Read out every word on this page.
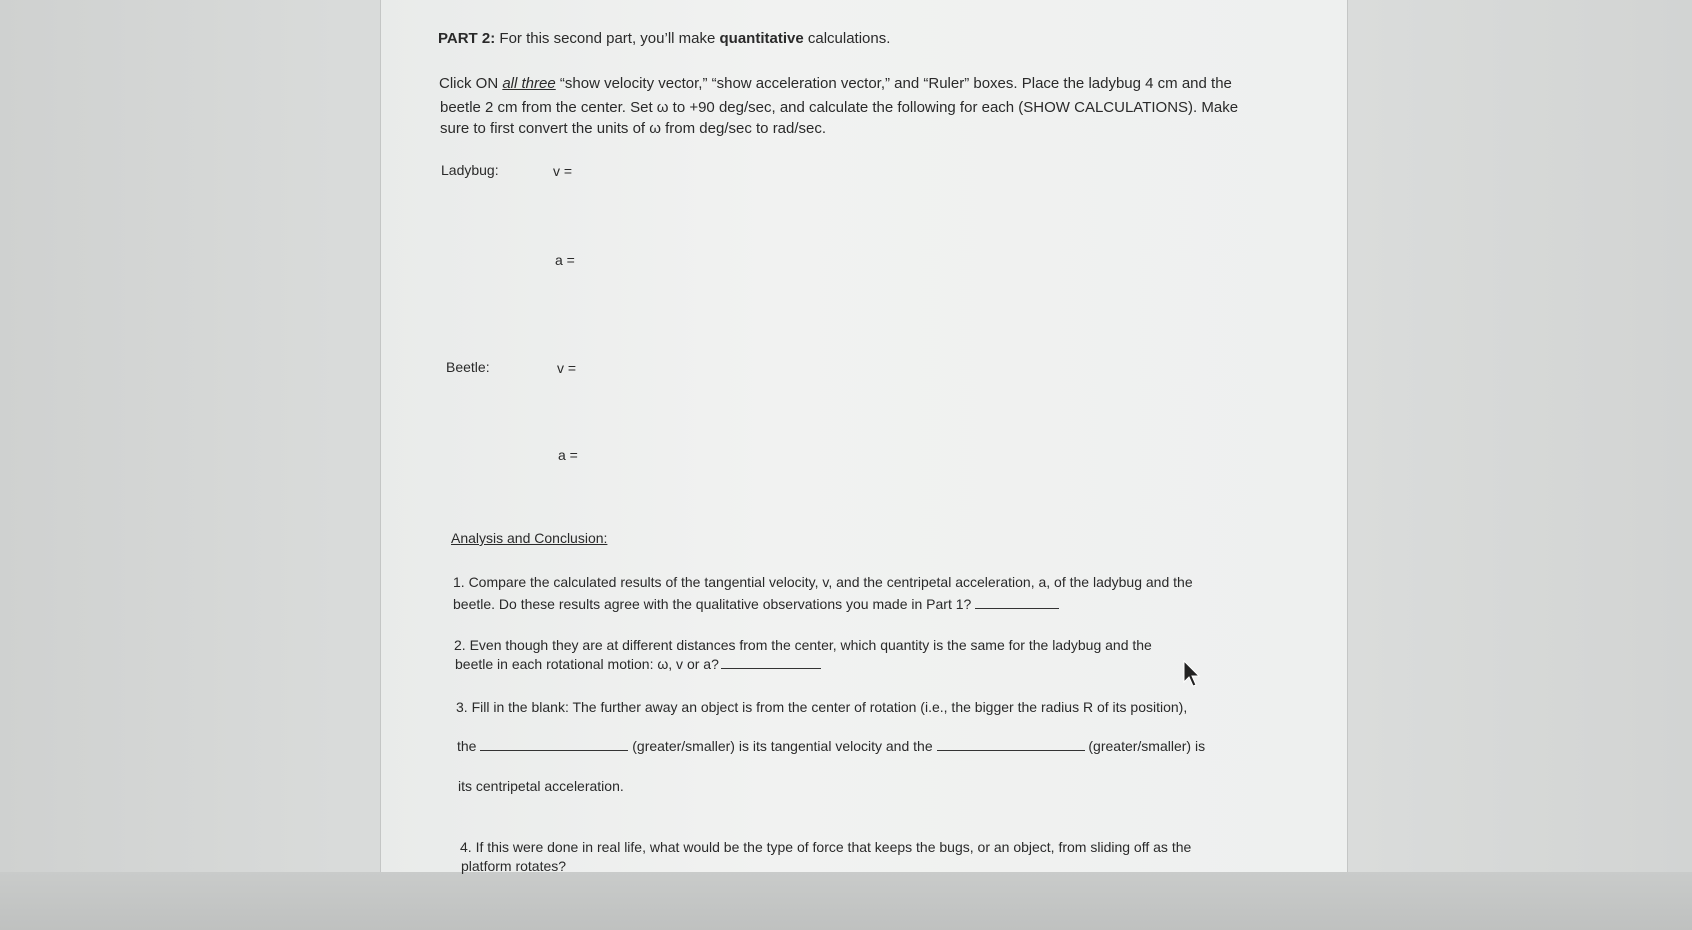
PART 2: For this second part, you’ll make quantitative calculations.
Click ON all three “show velocity vector,” “show acceleration vector,” and “Ruler” boxes. Place the ladybug 4 cm and the
beetle 2 cm from the center. Set ω to +90 deg/sec, and calculate the following for each (SHOW CALCULATIONS). Make
sure to first convert the units of ω from deg/sec to rad/sec.
Ladybug:	v =
a =
Beetle:	v =
a =
Analysis and Conclusion:
1. Compare the calculated results of the tangential velocity, v, and the centripetal acceleration, a, of the ladybug and the
beetle. Do these results agree with the qualitative observations you made in Part 1?
2. Even though they are at different distances from the center, which quantity is the same for the ladybug and the
beetle in each rotational motion: ω, v or a?
3. Fill in the blank: The further away an object is from the center of rotation (i.e., the bigger the radius R of its position),
the	(greater/smaller) is its tangential velocity and the	(greater/smaller) is
its centripetal acceleration.
4. If this were done in real life, what would be the type of force that keeps the bugs, or an object, from sliding off as the
platform rotates?
